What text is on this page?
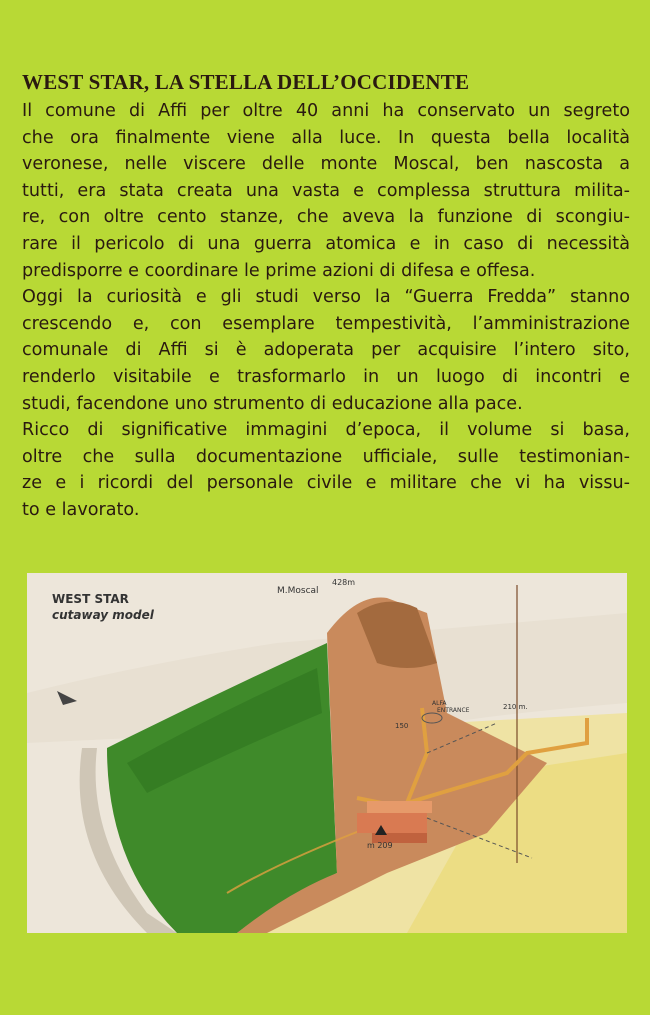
WEST STAR, LA STELLA DELL’OCCIDENTE
Il comune di Affi per oltre 40 anni ha conservato un segreto
che ora finalmente viene alla luce. In questa bella località
veronese, nelle viscere delle monte Moscal, ben nascosta a
tutti, era stata creata una vasta e complessa struttura milita-
re, con oltre cento stanze, che aveva la funzione di scongiu-
rare il pericolo di una guerra atomica e in caso di necessità
predisporre e coordinare le prime azioni di difesa e offesa.
Oggi la curiosità e gli studi verso la “Guerra Fredda” stanno
crescendo e, con esemplare tempestività, l’amministrazione
comunale di Affi si è adoperata per acquisire l’intero sito,
renderlo visitabile e trasformarlo in un luogo di incontri e
studi, facendone uno strumento di educazione alla pace.
Ricco di significative immagini d’epoca, il volume si basa,
oltre che sulla documentazione ufficiale, sulle testimonian-
ze e i ricordi del personale civile e militare che vi ha vissu-
to e lavorato.
WEST STAR
cutaway model
M.Moscal
428m
ALFA
ENTRANCE	210 m.
150
m 209
